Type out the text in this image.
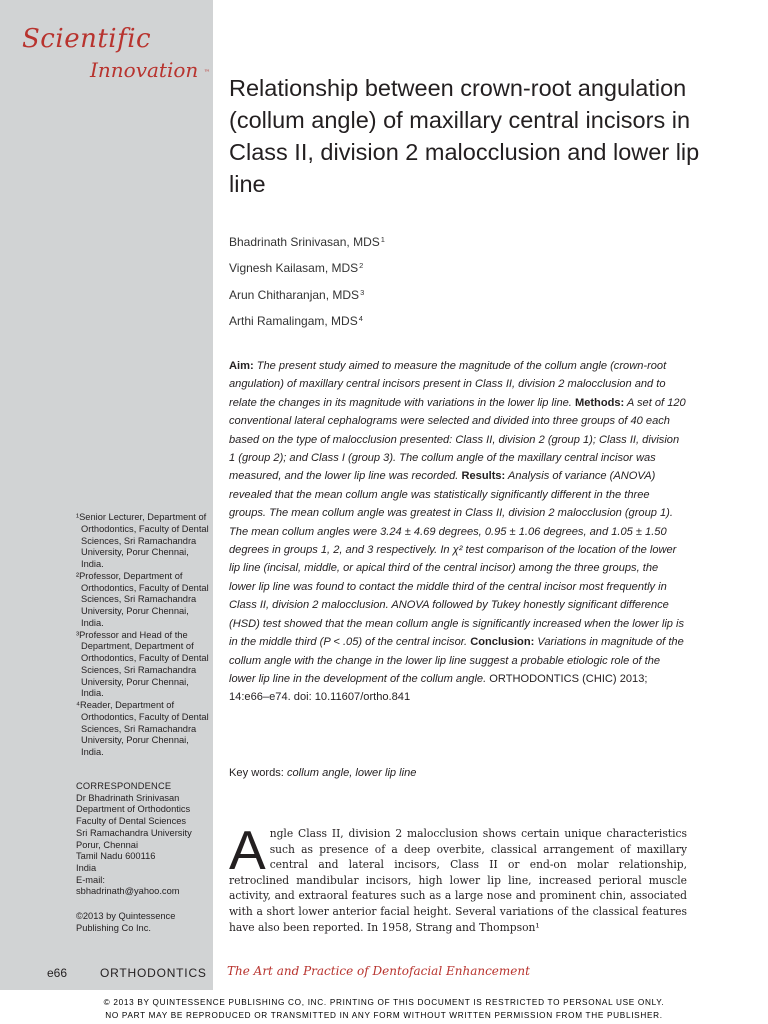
Scientific
Innovation ™
Relationship between crown-root angulation (collum angle) of maxillary central incisors in Class II, division 2 malocclusion and lower lip line
Bhadrinath Srinivasan, MDS$^1$
Vignesh Kailasam, MDS$^2$
Arun Chitharanjan, MDS$^3$
Arthi Ramalingam, MDS$^4$

Aim: The present study aimed to measure the magnitude of the collum angle (crown-root angulation) of maxillary central incisors present in Class II, division 2 malocclusion and to relate the changes in its magnitude with variations in the lower lip line. Methods: A set of 120 conventional lateral cephalograms were selected and divided into three groups of 40 each based on the type of malocclusion presented: Class II, division 2 (group 1); Class II, division 1 (group 2); and Class I (group 3). The collum angle of the maxillary central incisor was measured, and the lower lip line was recorded. Results: Analysis of variance (ANOVA) revealed that the mean collum angle was statistically significantly different in the three groups. The mean collum angle was greatest in Class II, division 2 malocclusion (group 1). The mean collum angles were 3.24 ± 4.69 degrees, 0.95 ± 1.06 degrees, and 1.05 ± 1.50 degrees in groups 1, 2, and 3 respectively. In χ² test comparison of the location of the lower lip line (incisal, middle, or apical third of the central incisor) among the three groups, the lower lip line was found to contact the middle third of the central incisor most frequently in Class II, division 2 malocclusion. ANOVA followed by Tukey honestly significant difference (HSD) test showed that the mean collum angle is significantly increased when the lower lip is in the middle third (P < .05) of the central incisor. Conclusion: Variations in magnitude of the collum angle with the change in the lower lip line suggest a probable etiologic role of the lower lip line in the development of the collum angle. ORTHODONTICS (CHIC) 2013; 14:e66–e74. doi: 10.11607/ortho.841

Key words: collum angle, lower lip line

Angle Class II, division 2 malocclusion shows certain unique characteristics such as presence of a deep overbite, classical arrangement of maxillary central and lateral incisors, Class II or end-on molar relationship, retroclined mandibular incisors, high lower lip line, increased perioral muscle activity, and extraoral features such as a large nose and prominent chin, associated with a short lower anterior facial height. Several variations of the classical features have also been reported. In 1958, Strang and Thompson¹

¹Senior Lecturer, Department of Orthodontics, Faculty of Dental Sciences, Sri Ramachandra University, Porur Chennai, India.

²Professor, Department of Orthodontics, Faculty of Dental Sciences, Sri Ramachandra University, Porur Chennai, India.

³Professor and Head of the Department, Department of Orthodontics, Faculty of Dental Sciences, Sri Ramachandra University, Porur Chennai, India.

⁴Reader, Department of Orthodontics, Faculty of Dental Sciences, Sri Ramachandra University, Porur Chennai, India.

CORRESPONDENCE
Dr Bhadrinath Srinivasan
Department of Orthodontics
Faculty of Dental Sciences
Sri Ramachandra University
Porur, Chennai
Tamil Nadu 600116
India
E-mail:
sbhadrinath@yahoo.com
©2013 by Quintessence Publishing Co Inc.
e66	ORTHODONTICS The Art and Practice of Dentofacial Enhancement
© 2013 BY QUINTESSENCE PUBLISHING CO, INC. PRINTING OF THIS DOCUMENT IS RESTRICTED TO PERSONAL USE ONLY.
NO PART MAY BE REPRODUCED OR TRANSMITTED IN ANY FORM WITHOUT WRITTEN PERMISSION FROM THE PUBLISHER.
